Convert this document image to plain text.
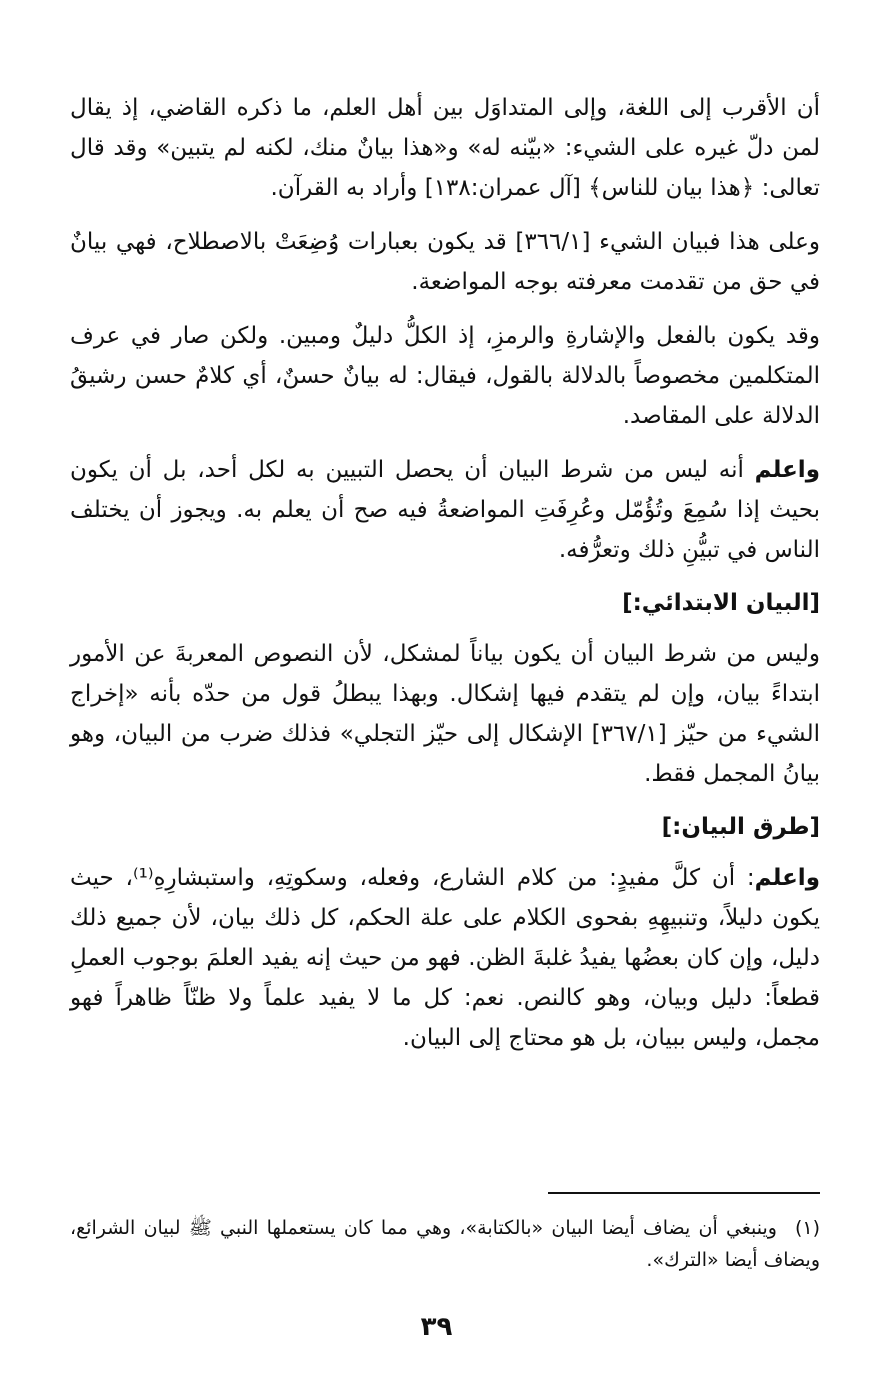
أن الأقرب إلى اللغة، وإلى المتداوَل بين أهل العلم، ما ذكره القاضي، إذ يقال لمن دلّ غيره على الشيء: «بيّنه له» و«هذا بيانٌ منك، لكنه لم يتبين» وقد قال تعالى: ﴿هذا بيان للناس﴾ [آل عمران:١٣٨] وأراد به القرآن.

وعلى هذا فبيان الشيء [٣٦٦/١] قد يكون بعبارات وُضِعَتْ بالاصطلاح، فهي بيانٌ في حق من تقدمت معرفته بوجه المواضعة.

وقد يكون بالفعل والإشارةِ والرمزِ، إذ الكلُّ دليلٌ ومبين. ولكن صار في عرف المتكلمين مخصوصاً بالدلالة بالقول، فيقال: له بيانٌ حسنٌ، أي كلامٌ حسن رشيقُ الدلالة على المقاصد.

واعلم أنه ليس من شرط البيان أن يحصل التبيين به لكل أحد، بل أن يكون بحيث إذا سُمِعَ وتُؤُمّل وعُرِفَتِ المواضعةُ فيه صح أن يعلم به. ويجوز أن يختلف الناس في تبيُّنِ ذلك وتعرُّفه.

[البيان الابتدائي:]

وليس من شرط البيان أن يكون بياناً لمشكل، لأن النصوص المعربةَ عن الأمور ابتداءً بيان، وإن لم يتقدم فيها إشكال. وبهذا يبطلُ قول من حدّه بأنه «إخراج الشيء من حيّز [٣٦٧/١] الإشكال إلى حيّز التجلي» فذلك ضرب من البيان، وهو بيانُ المجمل فقط.

[طرق البيان:]

واعلم: أن كلَّ مفيدٍ: من كلام الشارع، وفعله، وسكوتِهِ، واستبشارِهِ⁽¹⁾، حيث يكون دليلاً، وتنبيهِهِ بفحوى الكلام على علة الحكم، كل ذلك بيان، لأن جميع ذلك دليل، وإن كان بعضُها يفيدُ غلبةَ الظن. فهو من حيث إنه يفيد العلمَ بوجوب العملِ قطعاً: دليل وبيان، وهو كالنص. نعم: كل ما لا يفيد علماً ولا ظنّاً ظاهراً فهو مجمل، وليس ببيان، بل هو محتاج إلى البيان.

(١)وينبغي أن يضاف أيضا البيان «بالكتابة»، وهي مما كان يستعملها النبي ﷺ لبيان الشرائع، ويضاف أيضا «الترك».
٣٩
